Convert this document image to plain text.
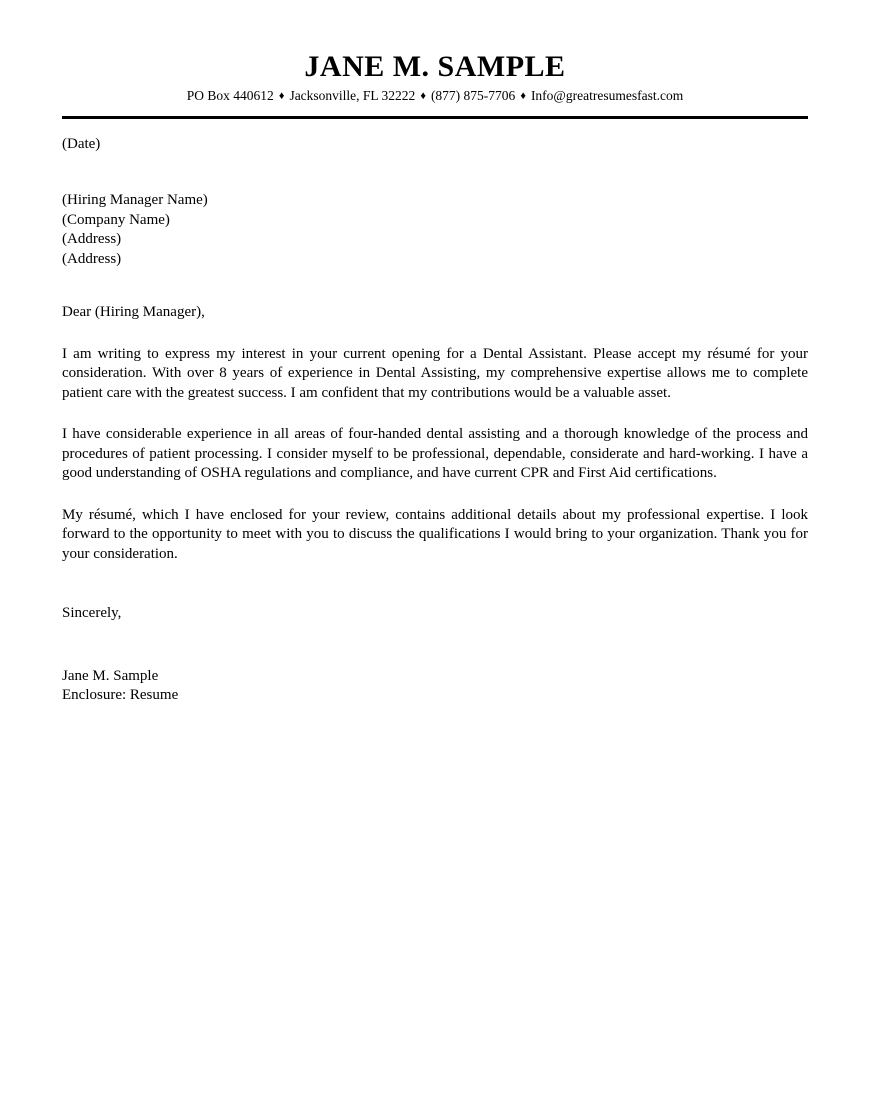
JANE M. SAMPLE
PO Box 440612 ♦ Jacksonville, FL 32222 ♦ (877) 875-7706 ♦ Info@greatresumesfast.com

(Date)

(Hiring Manager Name)
(Company Name)
(Address)
(Address)

Dear (Hiring Manager),

I am writing to express my interest in your current opening for a Dental Assistant. Please accept my résumé for your consideration. With over 8 years of experience in Dental Assisting, my comprehensive expertise allows me to complete patient care with the greatest success. I am confident that my contributions would be a valuable asset.

I have considerable experience in all areas of four-handed dental assisting and a thorough knowledge of the process and procedures of patient processing. I consider myself to be professional, dependable, considerate and hard-working. I have a good understanding of OSHA regulations and compliance, and have current CPR and First Aid certifications.

My résumé, which I have enclosed for your review, contains additional details about my professional expertise. I look forward to the opportunity to meet with you to discuss the qualifications I would bring to your organization. Thank you for your consideration.

Sincerely,

Jane M. Sample
Enclosure: Resume
